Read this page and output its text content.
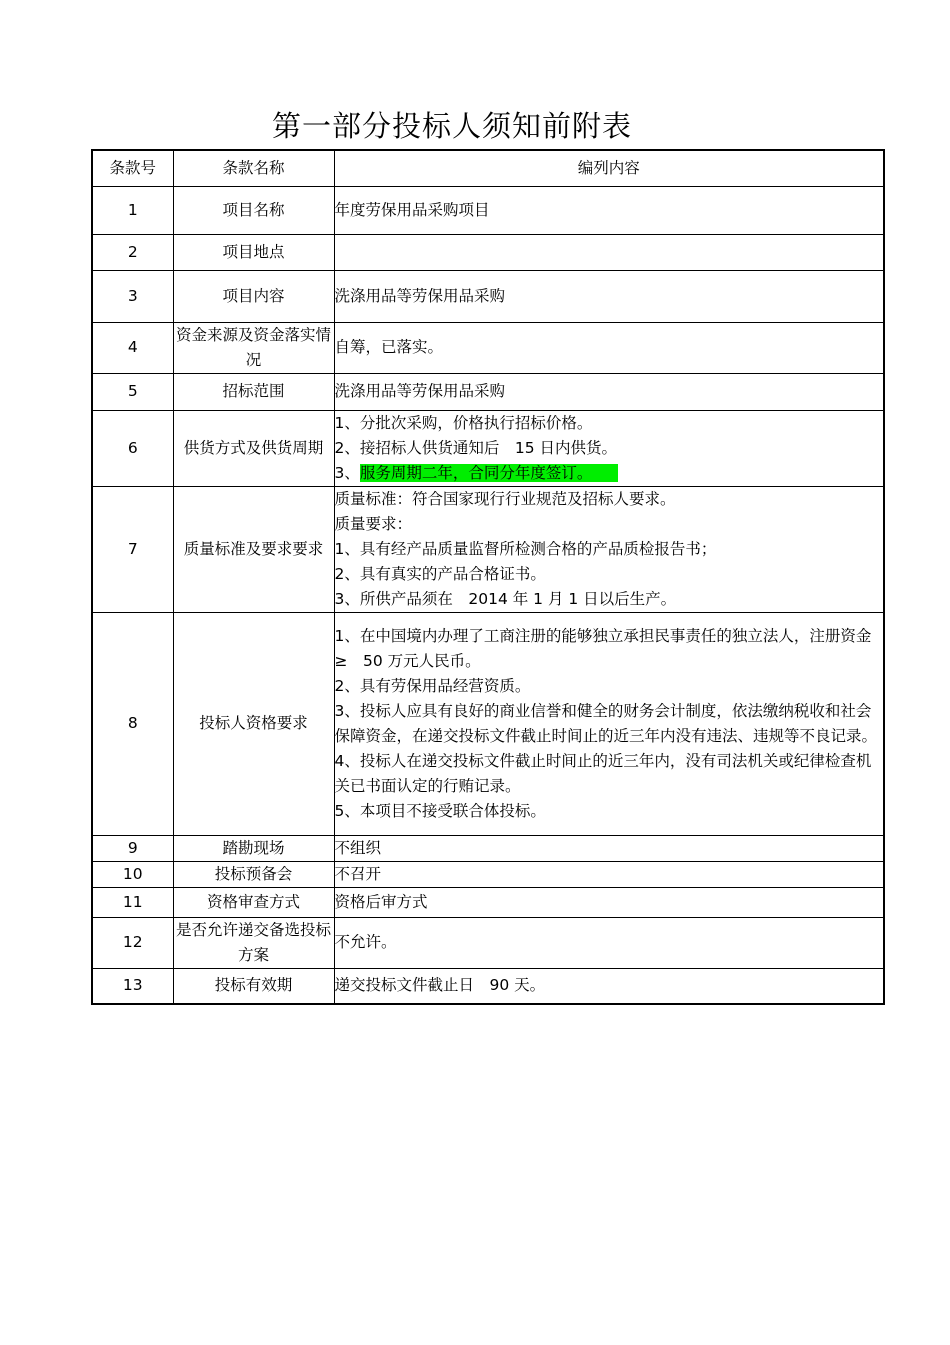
第一部分投标人须知前附表
条款号	条款名称	编列内容
1	项目名称	年度劳保用品采购项目

2	项目地点	
3	项目内容	洗涤用品等劳保用品采购

4	资金来源及资金落实情况	自筹，已落实。

5	招标范围	洗涤用品等劳保用品采购

6	供货方式及供货周期	1、分批次采购，价格执行招标价格。
2、接招标人供货通知后　15 日内供货。
3、服务周期二年，合同分年度签订。

7	质量标准及要求要求	质量标准：符合国家现行行业规范及招标人要求。
质量要求：
1、具有经产品质量监督所检测合格的产品质检报告书；
2、具有真实的产品合格证书。
3、所供产品须在　2014 年 1 月 1 日以后生产。

8	投标人资格要求	1、在中国境内办理了工商注册的能够独立承担民事责任的独立法人，注册资金≥　50 万元人民币。
2、具有劳保用品经营资质。
3、投标人应具有良好的商业信誉和健全的财务会计制度，依法缴纳税收和社会保障资金，在递交投标文件截止时间止的近三年内没有违法、违规等不良记录。
4、投标人在递交投标文件截止时间止的近三年内，没有司法机关或纪律检查机关已书面认定的行贿记录。
5、本项目不接受联合体投标。

9	踏勘现场	不组织

10	投标预备会	不召开

11	资格审查方式	资格后审方式

12	是否允许递交备选投标方案	不允许。

13	投标有效期	递交投标文件截止日　90 天。
